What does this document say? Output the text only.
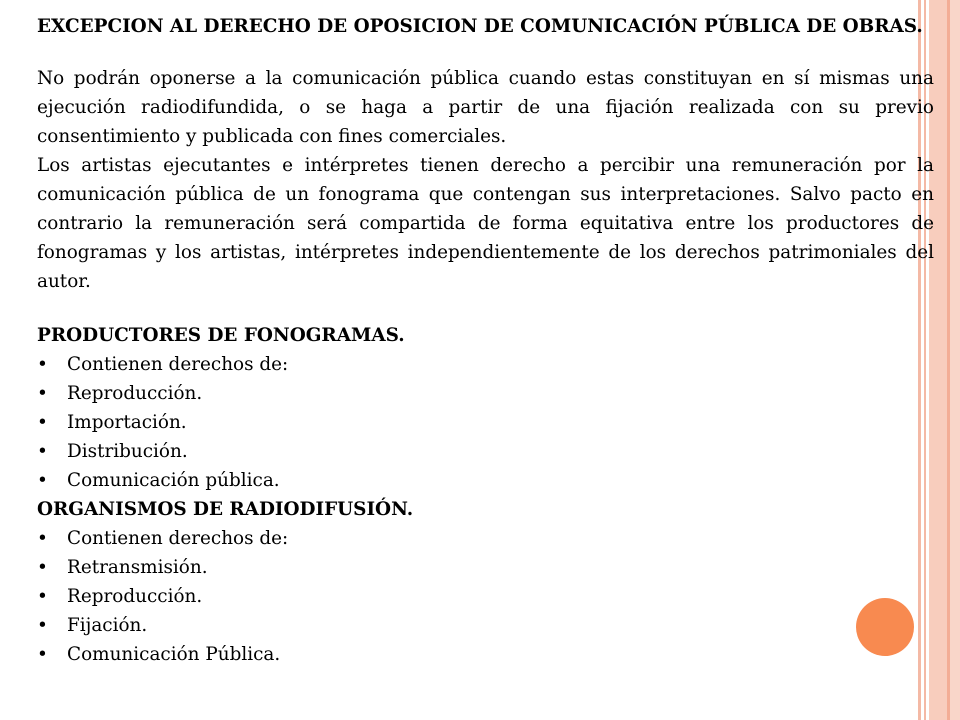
EXCEPCION AL DERECHO DE OPOSICION DE COMUNICACIÓN PÚBLICA DE OBRAS.

No podrán oponerse a la comunicación pública cuando estas constituyan en sí mismas una ejecución radiodifundida, o se haga a partir de una fijación realizada con su previo consentimiento y publicada con fines comerciales.

Los artistas ejecutantes e intérpretes tienen derecho a percibir una remuneración por la comunicación pública de un fonograma que contengan sus interpretaciones. Salvo pacto en contrario la remuneración será compartida de forma equitativa entre los productores de fonogramas y los artistas, intérpretes independientemente de los derechos patrimoniales del autor.

PRODUCTORES DE FONOGRAMAS.

• Contienen derechos de:
• Reproducción.
• Importación.
• Distribución.
• Comunicación pública.

ORGANISMOS DE RADIODIFUSIÓN.

• Contienen derechos de:
• Retransmisión.
• Reproducción.
• Fijación.
• Comunicación Pública.
